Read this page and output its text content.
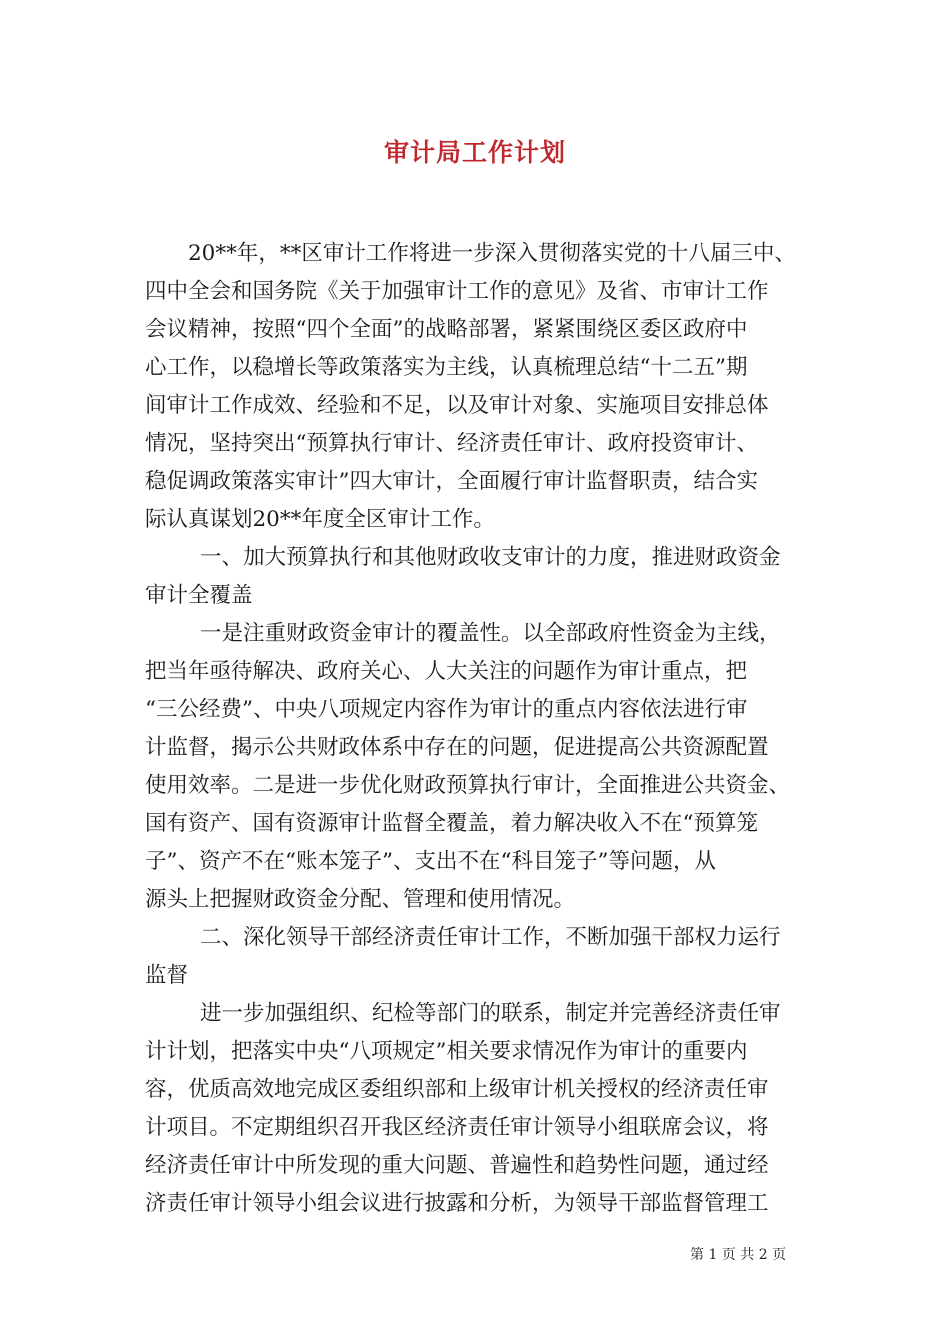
审计局工作计划

20**年，**区审计工作将进一步深入贯彻落实党的十八届三中、

四中全会和国务院《关于加强审计工作的意见》及省、市审计工作

会议精神，按照“四个全面”的战略部署，紧紧围绕区委区政府中

心工作，以稳增长等政策落实为主线，认真梳理总结“十二五”期

间审计工作成效、经验和不足，以及审计对象、实施项目安排总体

情况，坚持突出“预算执行审计、经济责任审计、政府投资审计、

稳促调政策落实审计”四大审计，全面履行审计监督职责，结合实

际认真谋划20**年度全区审计工作。

一、加大预算执行和其他财政收支审计的力度，推进财政资金

审计全覆盖

一是注重财政资金审计的覆盖性。以全部政府性资金为主线，

把当年亟待解决、政府关心、人大关注的问题作为审计重点，把

“三公经费”、中央八项规定内容作为审计的重点内容依法进行审

计监督，揭示公共财政体系中存在的问题，促进提高公共资源配置

使用效率。二是进一步优化财政预算执行审计，全面推进公共资金、

国有资产、国有资源审计监督全覆盖，着力解决收入不在“预算笼

子”、资产不在“账本笼子”、支出不在“科目笼子”等问题，从

源头上把握财政资金分配、管理和使用情况。

二、深化领导干部经济责任审计工作，不断加强干部权力运行

监督

进一步加强组织、纪检等部门的联系，制定并完善经济责任审

计计划，把落实中央“八项规定”相关要求情况作为审计的重要内

容，优质高效地完成区委组织部和上级审计机关授权的经济责任审

计项目。不定期组织召开我区经济责任审计领导小组联席会议，将

经济责任审计中所发现的重大问题、普遍性和趋势性问题，通过经

济责任审计领导小组会议进行披露和分析，为领导干部监督管理工

第 1 页 共 2 页
